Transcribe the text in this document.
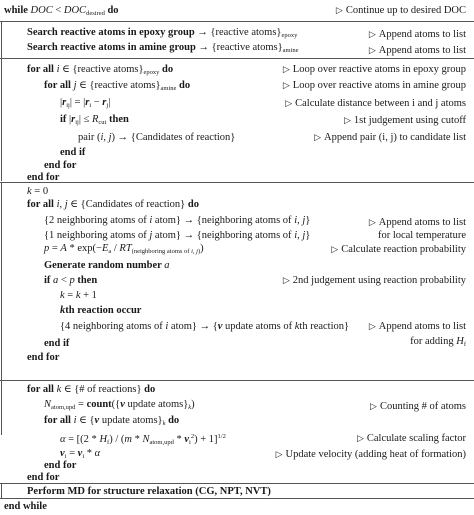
while DOC < $DOC_{desired}$ do	▷ Continue up to desired DOC
Search reactive atoms in epoxy group → {reactive $atoms\}_{epoxy}$	▷ Append atoms to list
Search reactive atoms in amine group → {reactive $atoms\}_{amine}$	▷ Append atoms to list
for all i ∈ {reactive $atoms\}_{epoxy}$ do	▷ Loop over reactive atoms in epoxy group
for all j ∈ {reactive $atoms\}_{amine}$ do	▷ Loop over reactive atoms in amine group
$|r_{ij}| = |r_i - r_j|$	▷ Calculate distance between i and j atoms
if $|r_{ij}| \le R_{cut}$ then	▷ 1st judgement using cutoff
pair (i, j) → {Candidates of reaction}	▷ Append pair (i, j) to candidate list
end if
end for
end for
k = 0
for all i, j ∈ {Candidates of reaction} do
{2 neighboring atoms of i atom} → {neighboring atoms of i, j}	▷ Append atoms to list
{1 neighboring atoms of j atom} → {neighboring atoms of i, j}	for local temperature
$p = A * \exp(-E_a / RT_{(neighboring atoms of i, j)})$	▷ Calculate reaction probability
Generate random number a
if a < p then	▷ 2nd judgement using reaction probability
k = k + 1
kth reaction occur
{4 neighboring atoms of i atom} → {v update atoms of kth reaction} ▷ Append atoms to list
end if	for adding $H_f$
end for
for all k ∈ {# of reactions} do
$N_{atom,upd}$ = count({v update $atoms\}_k$)	▷ Counting # of atoms
for all i ∈ {v update $atoms\}_k$ do
$\alpha = [(2 * H_f) / (m * N_{atom,upd} * v_i^2) + 1]^{1/2}$	▷ Calculate scaling factor
$v_i = v_i * \alpha$	▷ Update velocity (adding heat of formation)
end for
end for
Perform MD for structure relaxation (CG, NPT, NVT)
end while
